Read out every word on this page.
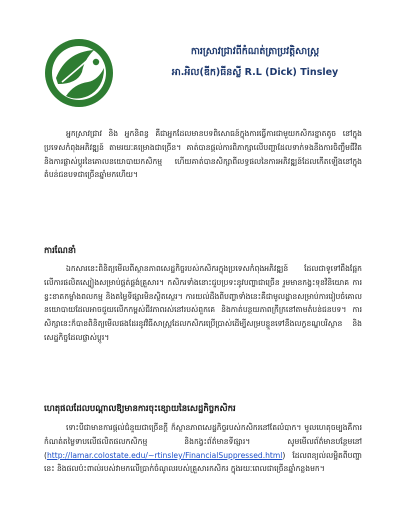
ការស្រាវជ្រាវពីកំណត់ត្រាប្រវត្តិសាស្ត្រ
អា.អិល(ឌីក)ធីនស្លី R.L (Dick) Tinsley
អ្នកស្រាវជ្រាវ និង អ្នកនិពន្ធ គឺជាអ្នកដែលមានបទពិសោធន៍ក្នុងការធ្វើការជាមួយកសិករខ្នាតតូច នៅក្នុងប្រទេសកំពុងអភិវឌ្ឍន៍ តាមរយៈគម្រោងជាច្រើន។ គាត់បានផ្ដល់ការពិភាក្សាលើបញ្ហាដែលទាក់ទងនឹងការចិញ្ចឹមជីវិត និងការផ្លាស់ប្ដូរនៃគោលនយោបាយកសិកម្ម ហើយគាត់បានសិក្សាពីលទ្ធផលនៃការអភិវឌ្ឍន៍ដែលកើតឡើងនៅក្នុងតំបន់ជនបទជាច្រើនឆ្នាំមកហើយ។
ការណែនាំ
ឯកសារនេះពិនិត្យមើលពីស្ថានភាពសេដ្ឋកិច្ចរបស់កសិករក្នុងប្រទេសកំពុងអភិវឌ្ឍន៍ ដែលជាទូទៅពឹងផ្អែកលើការផលិតស្បៀងសម្រាប់ផ្គត់ផ្គង់គ្រួសារ។ កសិករទាំងនោះជួបប្រទះនូវបញ្ហាជាច្រើន រួមមានកង្វះទុនវិនិយោគ ការខ្វះខាតកម្លាំងពលកម្ម និងតម្លៃទីផ្សារមិនស្ថិតស្ថេរ។ ការយល់ដឹងពីបញ្ហាទាំងនេះគឺជាមូលដ្ឋានសម្រាប់ការរៀបចំគោលនយោបាយដែលអាចជួយលើកកម្ពស់ជីវភាពរស់នៅរបស់ពួកគេ និងកាត់បន្ថយភាពក្រីក្រនៅតាមតំបន់ជនបទ។ ការសិក្សានេះក៏បានពិនិត្យមើលផងដែរនូវវិធីសាស្ត្រដែលកសិករប្រើប្រាស់ដើម្បីសម្របខ្លួនទៅនឹងលក្ខខណ្ឌបរិស្ថាន និងសេដ្ឋកិច្ចដែលផ្លាស់ប្ដូរ។
ហេតុផលដែលបណ្ដាលឱ្យមានការចុះខ្សោយនៃសេដ្ឋកិច្ចកសិករ
ទោះបីជាមានការផ្ដល់ជំនួយជាច្រើនក្ដី ក៏ស្ថានភាពសេដ្ឋកិច្ចរបស់កសិករនៅតែលំបាក។ មូលហេតុចម្បងគឺការកំណត់តម្លៃទាបលើផលិតផលកសិកម្ម និងកង្វះព័ត៌មានទីផ្សារ។ សូមមើលព័ត៌មានបន្ថែមនៅ (http://lamar.colostate.edu/~rtinsley/FinancialSuppressed.html) ដែលពន្យល់លម្អិតពីបញ្ហានេះ និងផលប៉ះពាល់របស់វាមកលើប្រាក់ចំណូលរបស់គ្រួសារកសិករ ក្នុងរយៈពេលជាច្រើនឆ្នាំកន្លងមក។
